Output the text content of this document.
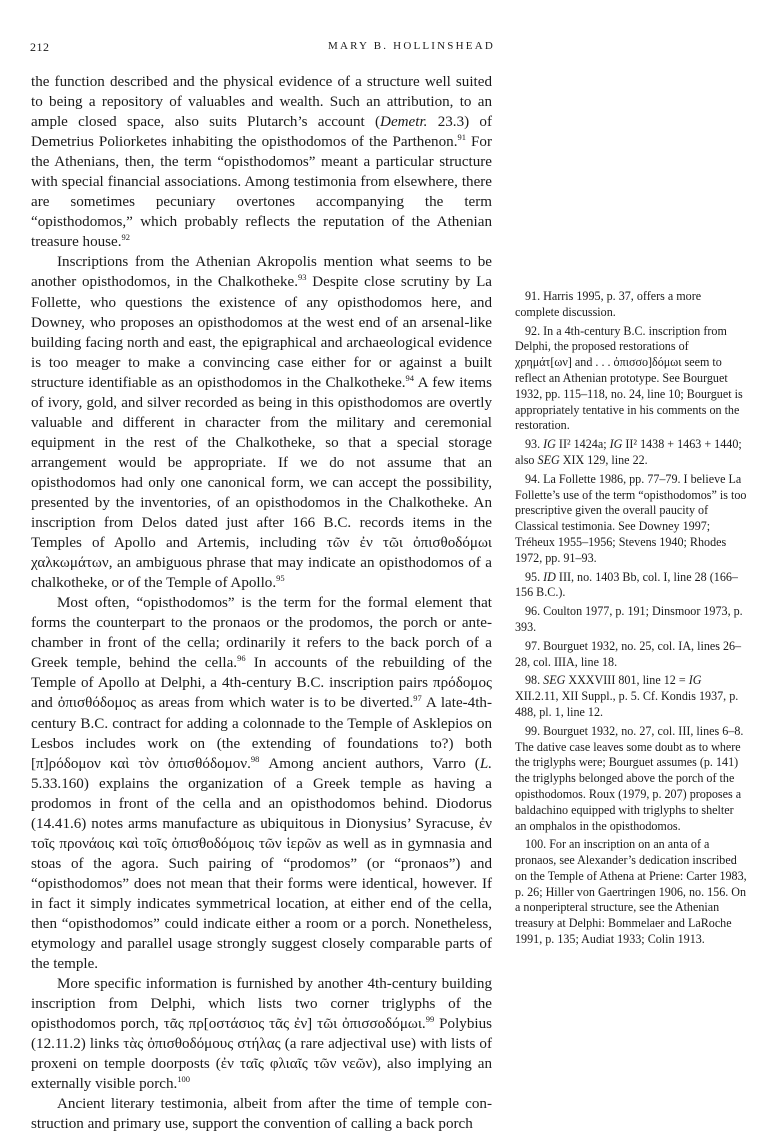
212	MARY B. HOLLINSHEAD

the function described and the physical evidence of a structure well suited to being a repository of valuables and wealth. Such an attribution, to an ample closed space, also suits Plutarch’s account (Demetr. 23.3) of Demetrius Poliorketes inhabiting the opisthodomos of the Parthenon.$^{91}$ For the Athenians, then, the term “opisthodomos” meant a particular structure with special financial associations. Among testimonia from elsewhere, there are sometimes pecuniary overtones accompanying the term “opisthodomos,” which probably reflects the reputation of the Athenian treasure house.$^{92}$

Inscriptions from the Athenian Akropolis mention what seems to be another opisthodomos, in the Chalkotheke.$^{93}$ Despite close scrutiny by La Follette, who questions the existence of any opisthodomos here, and Downey, who proposes an opisthodomos at the west end of an arsenal-like building facing north and east, the epigraphical and archaeological evidence is too meager to make a convincing case either for or against a built structure identifiable as an opisthodomos in the Chalkotheke.$^{94}$ A few items of ivory, gold, and silver recorded as being in this opisthodomos are overtly valuable and different in character from the military and ceremonial equipment in the rest of the Chalkotheke, so that a special storage arrangement would be appropriate. If we do not assume that an opisthodomos had only one canonical form, we can accept the possibility, presented by the inventories, of an opisthodomos in the Chalkotheke. An inscription from Delos dated just after 166 B.C. records items in the Temples of Apollo and Artemis, including τῶν ἐν τῶι ὀπισθοδόμωι χαλκωμάτων, an ambiguous phrase that may indicate an opisthodomos of a chalkotheke, or of the Temple of Apollo.$^{95}$

Most often, “opisthodomos” is the term for the formal element that forms the counterpart to the pronaos or the prodomos, the porch or antechamber in front of the cella; ordinarily it refers to the back porch of a Greek temple, behind the cella.$^{96}$ In accounts of the rebuilding of the Temple of Apollo at Delphi, a 4th-century B.C. inscription pairs πρόδομος and ὀπισθόδομος as areas from which water is to be diverted.$^{97}$ A late-4th-century B.C. contract for adding a colonnade to the Temple of Asklepios on Lesbos includes work on (the extending of foundations to?) both [π]ρόδομον καὶ τὸν ὀπισθόδομον.$^{98}$ Among ancient authors, Varro (L. 5.33.160) explains the organization of a Greek temple as having a prodomos in front of the cella and an opisthodomos behind. Diodorus (14.41.6) notes arms manufacture as ubiquitous in Dionysius’ Syracuse, ἐν τοῖς προνάοις καὶ τοῖς ὀπισθοδόμοις τῶν ἱερῶν as well as in gymnasia and stoas of the agora. Such pairing of “prodomos” (or “pronaos”) and “opisthodomos” does not mean that their forms were identical, however. If in fact it simply indicates symmetrical location, at either end of the cella, then “opisthodomos” could indicate either a room or a porch. Nonetheless, etymology and parallel usage strongly suggest closely comparable parts of the temple.

More specific information is furnished by another 4th-century building inscription from Delphi, which lists two corner triglyphs of the opisthodomos porch, τᾶς πρ[οστάσιος τᾶς ἐν] τῶι ὀπισσοδόμωι.$^{99}$ Polybius (12.11.2) links τὰς ὀπισθοδόμους στήλας (a rare adjectival use) with lists of proxeni on temple doorposts (ἐν ταῖς φλιαῖς τῶν νεῶν), also implying an externally visible porch.$^{100}$

Ancient literary testimonia, albeit from after the time of temple construction and primary use, support the convention of calling a back porch

91. Harris 1995, p. 37, offers a more complete discussion.
92. In a 4th-century B.C. inscription from Delphi, the proposed restorations of χρημάτ[ων] and . . . ὀπισσο]δόμωι seem to reflect an Athenian prototype. See Bourguet 1932, pp. 115–118, no. 24, line 10; Bourguet is appropriately tentative in his comments on the restoration.
93. IG II² 1424a; IG II² 1438 + 1463 + 1440; also SEG XIX 129, line 22.
94. La Follette 1986, pp. 77–79. I believe La Follette’s use of the term “opisthodomos” is too prescriptive given the overall paucity of Classical testimonia. See Downey 1997; Tréheux 1955–1956; Stevens 1940; Rhodes 1972, pp. 91–93.
95. ID III, no. 1403 Bb, col. I, line 28 (166–156 B.C.).
96. Coulton 1977, p. 191; Dinsmoor 1973, p. 393.
97. Bourguet 1932, no. 25, col. IA, lines 26–28, col. IIIA, line 18.
98. SEG XXXVIII 801, line 12 = IG XII.2.11, XII Suppl., p. 5. Cf. Kondis 1937, p. 488, pl. 1, line 12.
99. Bourguet 1932, no. 27, col. III, lines 6–8. The dative case leaves some doubt as to where the triglyphs were; Bourguet assumes (p. 141) the triglyphs belonged above the porch of the opisthodomos. Roux (1979, p. 207) proposes a baldachino equipped with triglyphs to shelter an omphalos in the opisthodomos.
100. For an inscription on an anta of a pronaos, see Alexander’s dedication inscribed on the Temple of Athena at Priene: Carter 1983, p. 26; Hiller von Gaertringen 1906, no. 156. On a nonperipteral structure, see the Athenian treasury at Delphi: Bommelaer and LaRoche 1991, p. 135; Audiat 1933; Colin 1913.
